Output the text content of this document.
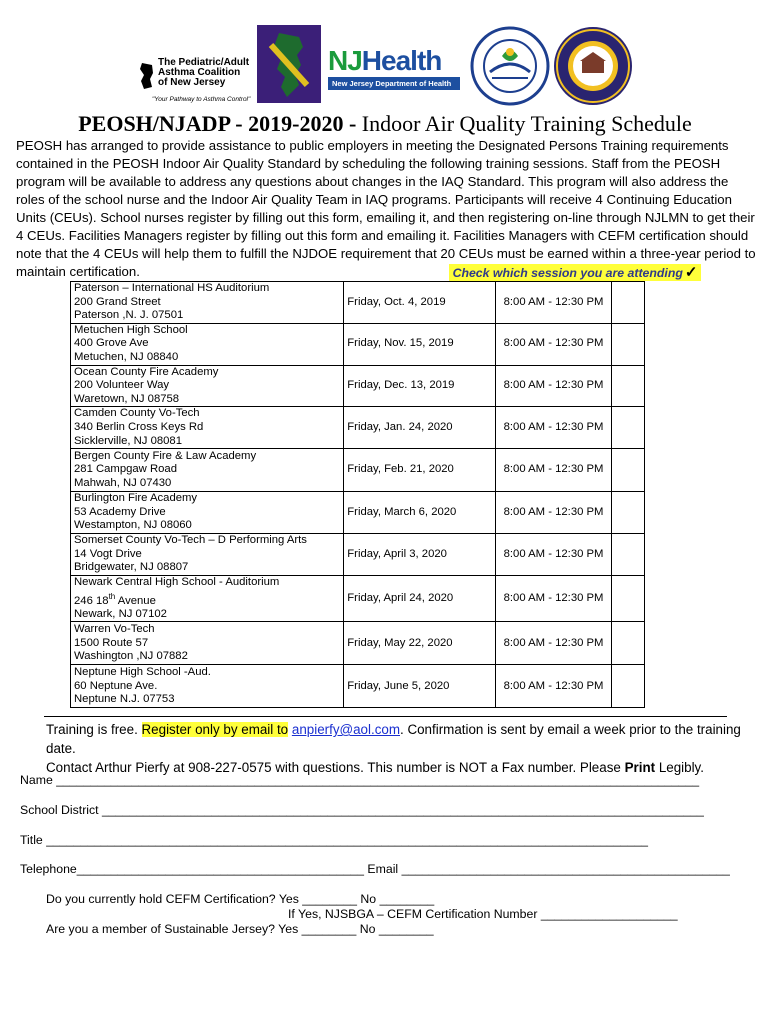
The Pediatric/Adult
Asthma Coalition
of New Jersey
"Your Pathway to Asthma Control"
NJHealth
New Jersey Department of Health
PEOSH/NJADP - 2019-2020 - Indoor Air Quality Training Schedule
PEOSH has arranged to provide assistance to public employers in meeting the Designated Persons Training requirements contained in the PEOSH Indoor Air Quality Standard by scheduling the following training sessions. Staff from the PEOSH program will be available to address any questions about changes in the IAQ Standard. This program will also address the roles of the school nurse and the Indoor Air Quality Team in IAQ programs. Participants will receive 4 Continuing Education Units (CEUs). School nurses register by filling out this form, emailing it, and then registering on-line through NJLMN to get their 4 CEUs. Facilities Managers register by filling out this form and emailing it. Facilities Managers with CEFM certification should note that the 4 CEUs will help them to fulfill the NJDOE requirement that 20 CEUs must be earned within a three-year period to maintain certification.	Check which session you are attending ✓
Paterson – International HS Auditorium
200 Grand Street
Paterson ,N. J. 07501	Friday, Oct. 4, 2019	8:00 AM - 12:30 PM	

Metuchen High School
400 Grove Ave
Metuchen, NJ 08840	Friday, Nov. 15, 2019	8:00 AM - 12:30 PM	

Ocean County Fire Academy
200 Volunteer Way
Waretown, NJ 08758	Friday, Dec. 13, 2019	8:00 AM - 12:30 PM	

Camden County Vo-Tech
340 Berlin Cross Keys Rd
Sicklerville, NJ 08081	Friday, Jan. 24, 2020	8:00 AM - 12:30 PM	

Bergen County Fire & Law Academy
281 Campgaw Road
Mahwah, NJ 07430	Friday, Feb. 21, 2020	8:00 AM - 12:30 PM	

Burlington Fire Academy
53 Academy Drive
Westampton, NJ 08060	Friday, March 6, 2020	8:00 AM - 12:30 PM	

Somerset County Vo-Tech – D Performing Arts
14 Vogt Drive
Bridgewater, NJ 08807	Friday, April 3, 2020	8:00 AM - 12:30 PM	

Newark Central High School - Auditorium
246 18th Avenue
Newark, NJ 07102	Friday, April 24, 2020	8:00 AM - 12:30 PM	

Warren Vo-Tech
1500 Route 57
Washington ,NJ 07882	Friday, May 22, 2020	8:00 AM - 12:30 PM	

Neptune High School -Aud.
60 Neptune Ave.
Neptune N.J. 07753	Friday, June 5, 2020	8:00 AM - 12:30 PM	
Training is free. Register only by email to anpierfy@aol.com. Confirmation is sent by email a week prior to the training date.
Contact Arthur Pierfy at 908-227-0575 with questions. This number is NOT a Fax number. Please Print Legibly.
Name ______________________________________________________________________________________________
School District ________________________________________________________________________________________
Title ________________________________________________________________________________________
Telephone__________________________________________ Email ________________________________________________
Do you currently hold CEFM Certification? Yes ________ No ________
If Yes, NJSBGA – CEFM Certification Number ____________________
Are you a member of Sustainable Jersey? Yes ________ No ________
